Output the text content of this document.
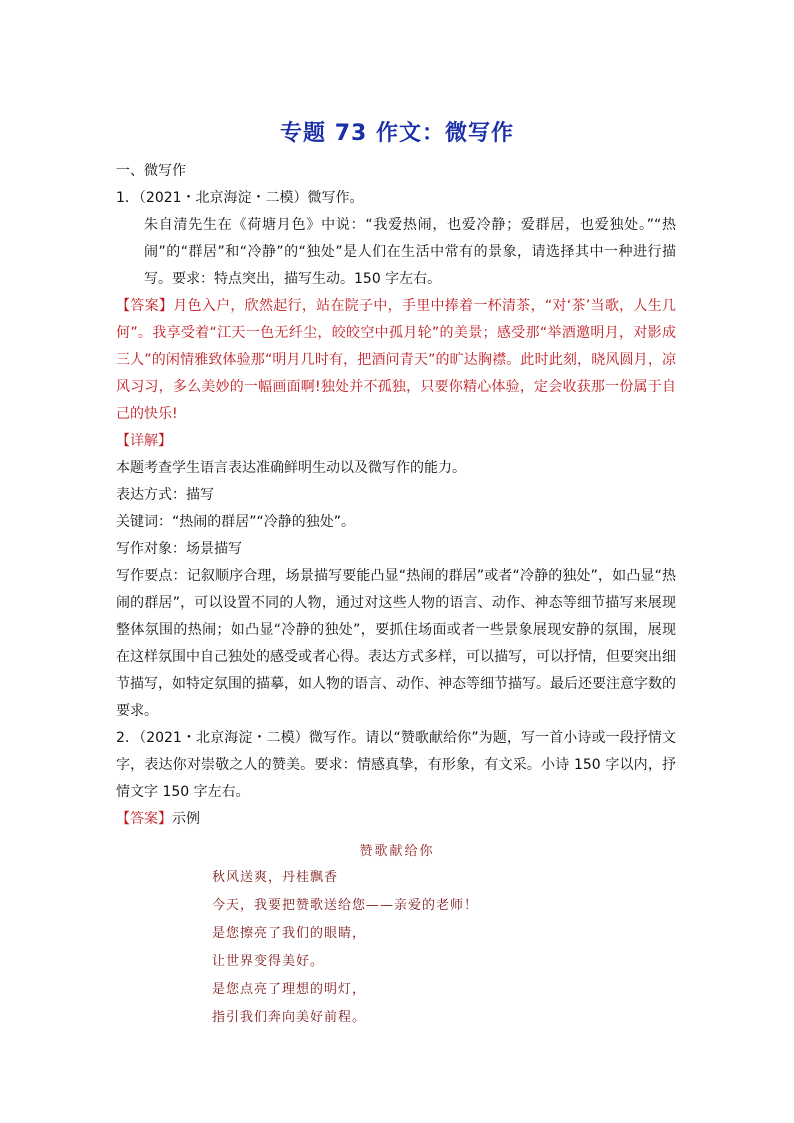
专题 73 作文：微写作
一、微写作
1．（2021・北京海淀・二模）微写作。
朱自清先生在《荷塘月色》中说：“我爱热闹，也爱冷静；爱群居，也爱独处。”“热闹”的“群居”和“冷静”的“独处”是人们在生活中常有的景象，请选择其中一种进行描写。要求：特点突出，描写生动。150 字左右。
【答案】月色入户，欣然起行，站在院子中，手里中捧着一杯清茶，“对‘茶’当歌，人生几何”。我享受着“江天一色无纤尘，皎皎空中孤月轮”的美景；感受那“举酒邀明月，对影成三人”的闲情雅致体验那“明月几时有，把酒问青天”的旷达胸襟。此时此刻，晓风圆月，凉风习习，多么美妙的一幅画面啊!独处并不孤独，只要你精心体验，定会收获那一份属于自己的快乐!
【详解】
本题考查学生语言表达准确鲜明生动以及微写作的能力。
表达方式：描写
关键词：“热闹的群居”“冷静的独处”。
写作对象：场景描写
写作要点：记叙顺序合理，场景描写要能凸显“热闹的群居”或者“冷静的独处”，如凸显“热闹的群居”，可以设置不同的人物，通过对这些人物的语言、动作、神态等细节描写来展现整体氛围的热闹；如凸显“冷静的独处”，要抓住场面或者一些景象展现安静的氛围，展现在这样氛围中自己独处的感受或者心得。表达方式多样，可以描写，可以抒情，但要突出细节描写，如特定氛围的描摹，如人物的语言、动作、神态等细节描写。最后还要注意字数的要求。
2．（2021・北京海淀・二模）微写作。请以“赞歌献给你”为题，写一首小诗或一段抒情文字，表达你对崇敬之人的赞美。要求：情感真挚，有形象，有文采。小诗 150 字以内，抒情文字 150 字左右。
【答案】示例
赞歌献给你
秋风送爽，丹桂飘香
今天，我要把赞歌送给您——亲爱的老师！
是您擦亮了我们的眼睛，
让世界变得美好。
是您点亮了理想的明灯，
指引我们奔向美好前程。
